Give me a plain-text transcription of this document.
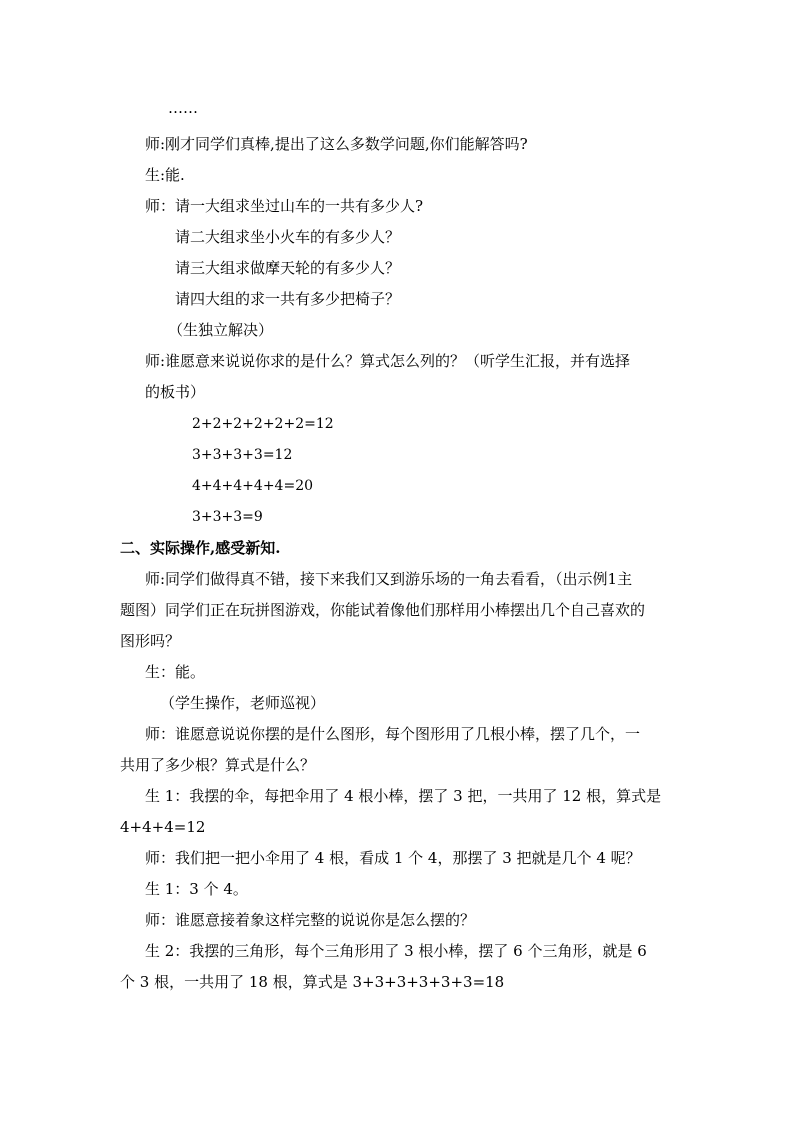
……

师:刚才同学们真棒,提出了这么多数学问题,你们能解答吗?

生:能.

师：请一大组求坐过山车的一共有多少人?

请二大组求坐小火车的有多少人？

请三大组求做摩天轮的有多少人？

请四大组的求一共有多少把椅子？

（生独立解决）

师:谁愿意来说说你求的是什么？算式怎么列的？（听学生汇报，并有选择

的板书）

2+2+2+2+2+2=12

3+3+3+3=12

4+4+4+4+4=20

3+3+3=9

二、实际操作,感受新知.

师:同学们做得真不错，接下来我们又到游乐场的一角去看看，（出示例1主

题图）同学们正在玩拼图游戏，你能试着像他们那样用小棒摆出几个自己喜欢的

图形吗？

生：能。

（学生操作，老师巡视）

师：谁愿意说说你摆的是什么图形，每个图形用了几根小棒，摆了几个，一

共用了多少根？算式是什么？

生 1：我摆的伞，每把伞用了 4 根小棒，摆了 3 把，一共用了 12 根，算式是

4+4+4=12

师：我们把一把小伞用了 4 根，看成 1 个 4，那摆了 3 把就是几个 4 呢？

生 1：3 个 4。

师：谁愿意接着象这样完整的说说你是怎么摆的？

生 2：我摆的三角形，每个三角形用了 3 根小棒，摆了 6 个三角形，就是 6

个 3 根，一共用了 18 根，算式是 3+3+3+3+3+3=18
